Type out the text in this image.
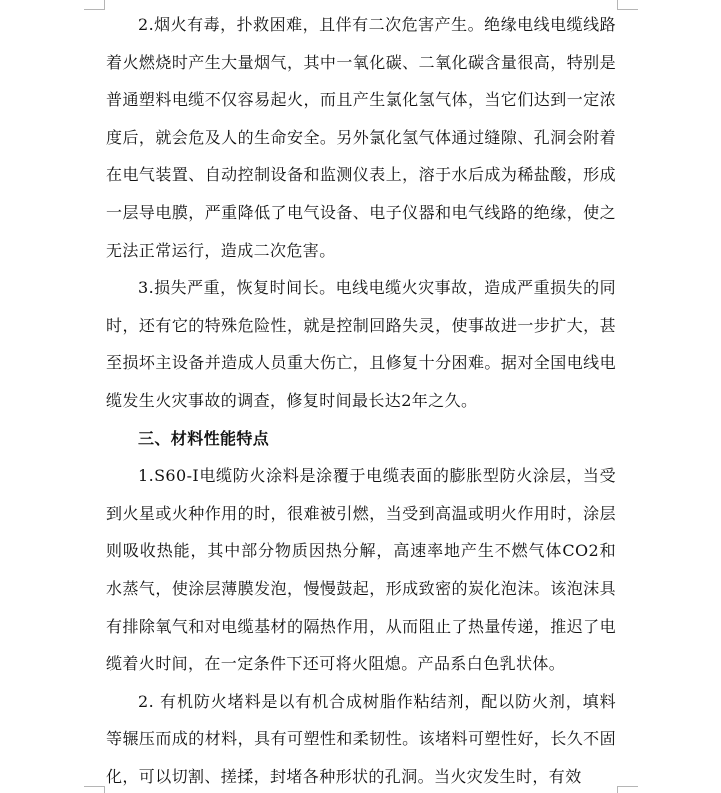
2.烟火有毒，扑救困难，且伴有二次危害产生。绝缘电线电缆线路着火燃烧时产生大量烟气，其中一氧化碳、二氧化碳含量很高，特别是普通塑料电缆不仅容易起火，而且产生氯化氢气体，当它们达到一定浓度后，就会危及人的生命安全。另外氯化氢气体通过缝隙、孔洞会附着在电气装置、自动控制设备和监测仪表上，溶于水后成为稀盐酸，形成一层导电膜，严重降低了电气设备、电子仪器和电气线路的绝缘，使之无法正常运行，造成二次危害。

3.损失严重，恢复时间长。电线电缆火灾事故，造成严重损失的同时，还有它的特殊危险性，就是控制回路失灵，使事故进一步扩大，甚至损坏主设备并造成人员重大伤亡，且修复十分困难。据对全国电线电缆发生火灾事故的调查，修复时间最长达2年之久。

三、材料性能特点

1.S60-I电缆防火涂料是涂覆于电缆表面的膨胀型防火涂层，当受到火星或火种作用的时，很难被引燃，当受到高温或明火作用时，涂层则吸收热能，其中部分物质因热分解，高速率地产生不燃气体CO2和水蒸气，使涂层薄膜发泡，慢慢鼓起，形成致密的炭化泡沫。该泡沫具有排除氧气和对电缆基材的隔热作用，从而阻止了热量传递，推迟了电缆着火时间，在一定条件下还可将火阻熄。产品系白色乳状体。

2. 有机防火堵料是以有机合成树脂作粘结剂，配以防火剂，填料等辗压而成的材料，具有可塑性和柔韧性。该堵料可塑性好，长久不固化，可以切割、搓揉，封堵各种形状的孔洞。当火灾发生时，有效
